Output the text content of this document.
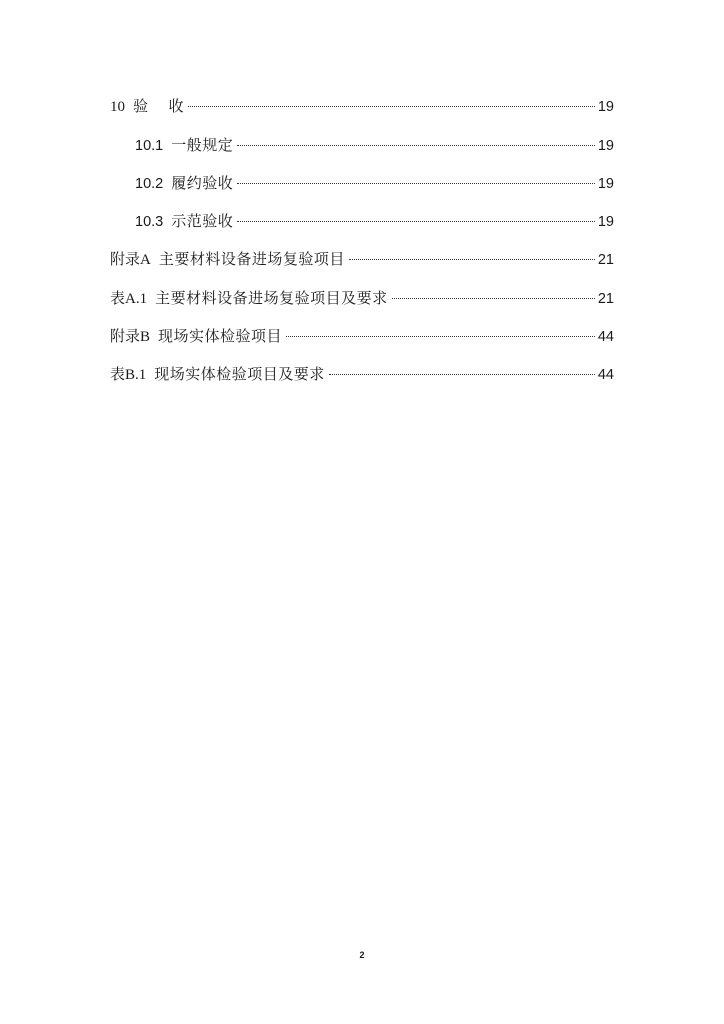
10 验 收	19
10.1 一般规定	19
10.2 履约验收	19
10.3 示范验收	19
附录A 主要材料设备进场复验项目	21
表A.1 主要材料设备进场复验项目及要求	21
附录B 现场实体检验项目	44
表B.1 现场实体检验项目及要求	44
2
